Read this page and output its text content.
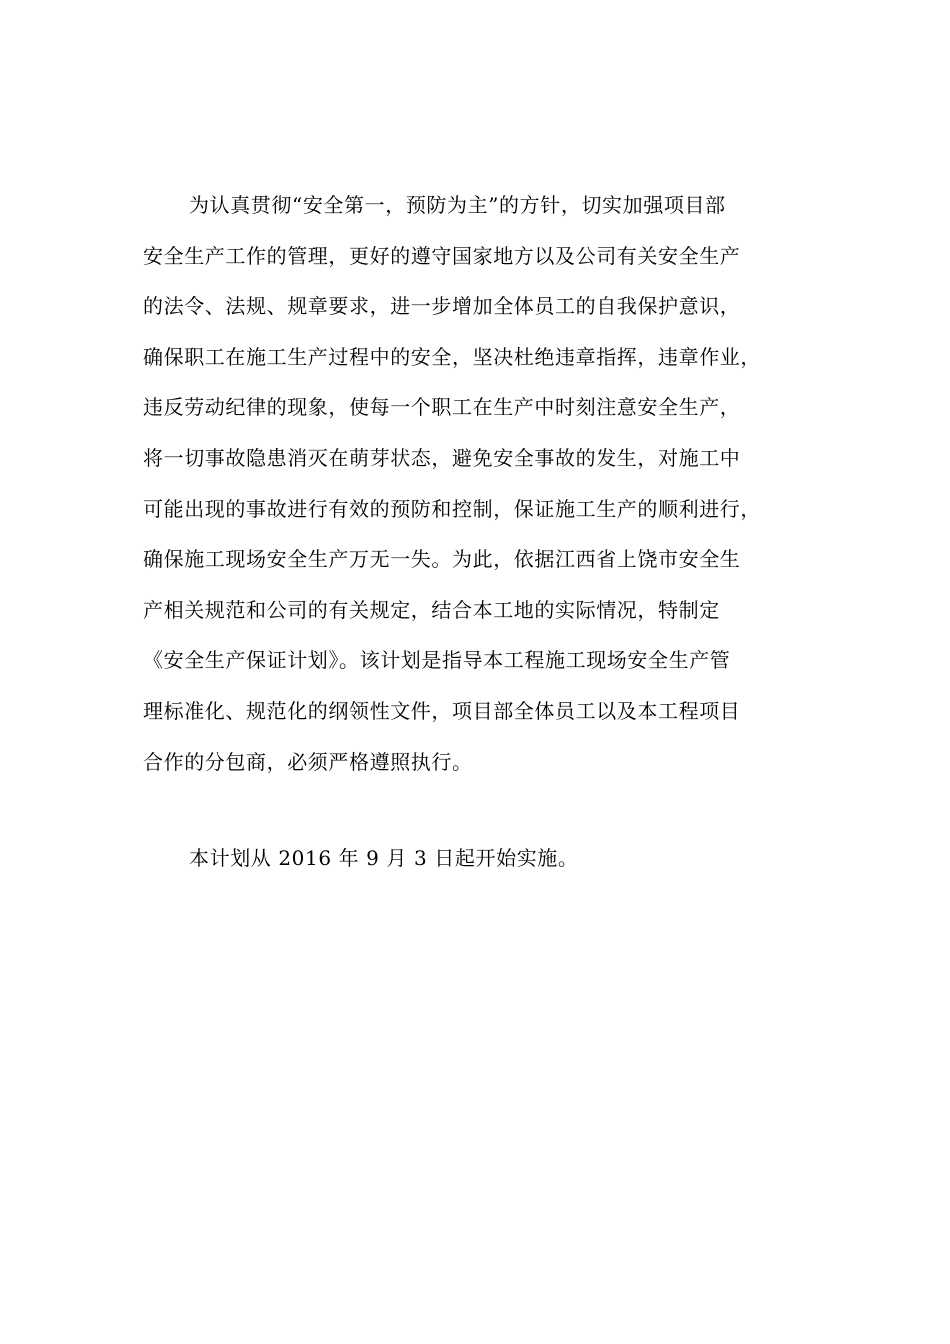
为认真贯彻“安全第一，预防为主”的方针，切实加强项目部
安全生产工作的管理，更好的遵守国家地方以及公司有关安全生产
的法令、法规、规章要求，进一步增加全体员工的自我保护意识，
确保职工在施工生产过程中的安全，坚决杜绝违章指挥，违章作业，
违反劳动纪律的现象，使每一个职工在生产中时刻注意安全生产，
将一切事故隐患消灭在萌芽状态，避免安全事故的发生，对施工中
可能出现的事故进行有效的预防和控制，保证施工生产的顺利进行，
确保施工现场安全生产万无一失。为此，依据江西省上饶市安全生
产相关规范和公司的有关规定，结合本工地的实际情况，特制定
《安全生产保证计划》。该计划是指导本工程施工现场安全生产管
理标准化、规范化的纲领性文件，项目部全体员工以及本工程项目
合作的分包商，必须严格遵照执行。
本计划从 2016 年 9 月 3 日起开始实施。
